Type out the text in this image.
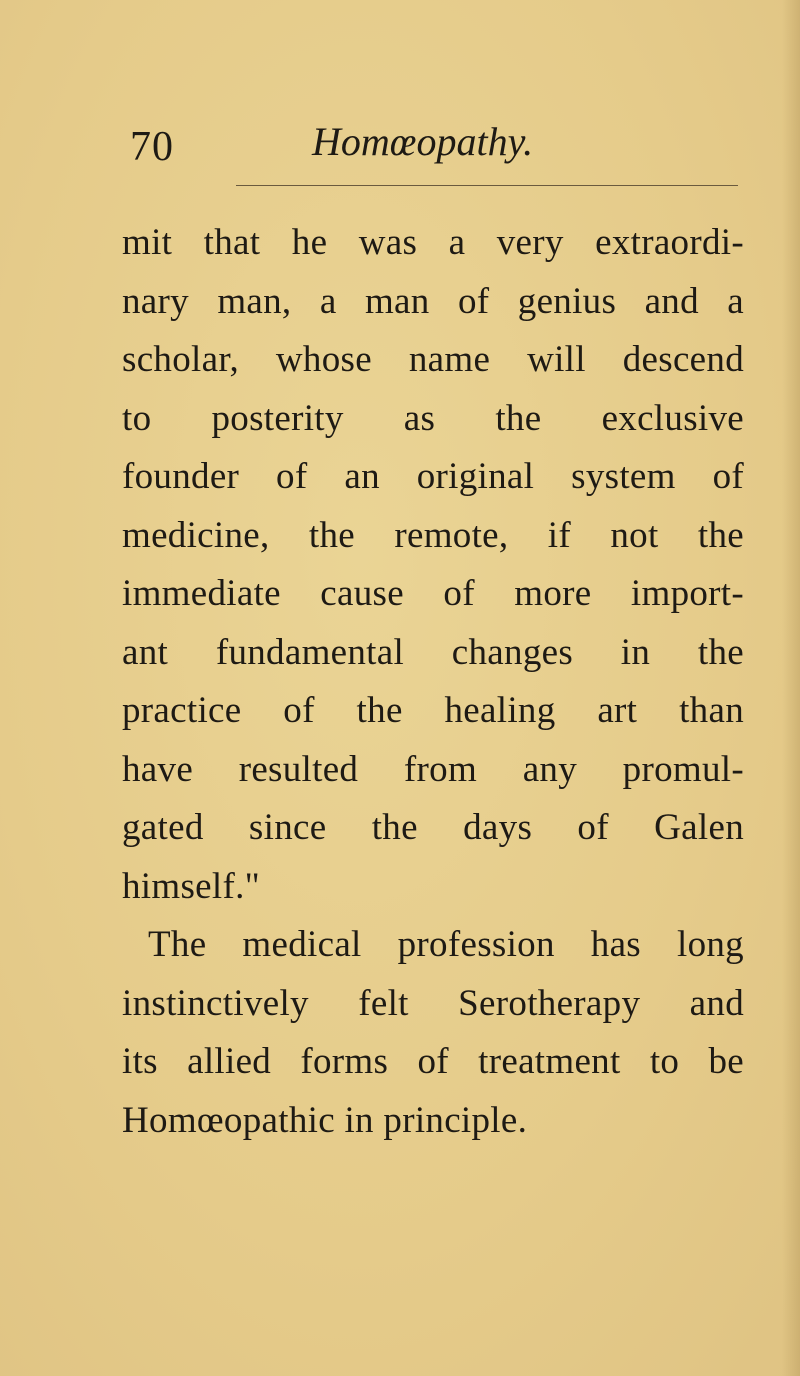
70	Homœopathy.
mit that he was a very extraordi-
nary man, a man of genius and a
scholar, whose name will descend
to posterity as the exclusive
founder of an original system of
medicine, the remote, if not the
immediate cause of more import-
ant fundamental changes in the
practice of the healing art than
have resulted from any promul-
gated since the days of Galen
himself."
The medical profession has long
instinctively felt Serotherapy and
its allied forms of treatment to be
Homœopathic in principle.
